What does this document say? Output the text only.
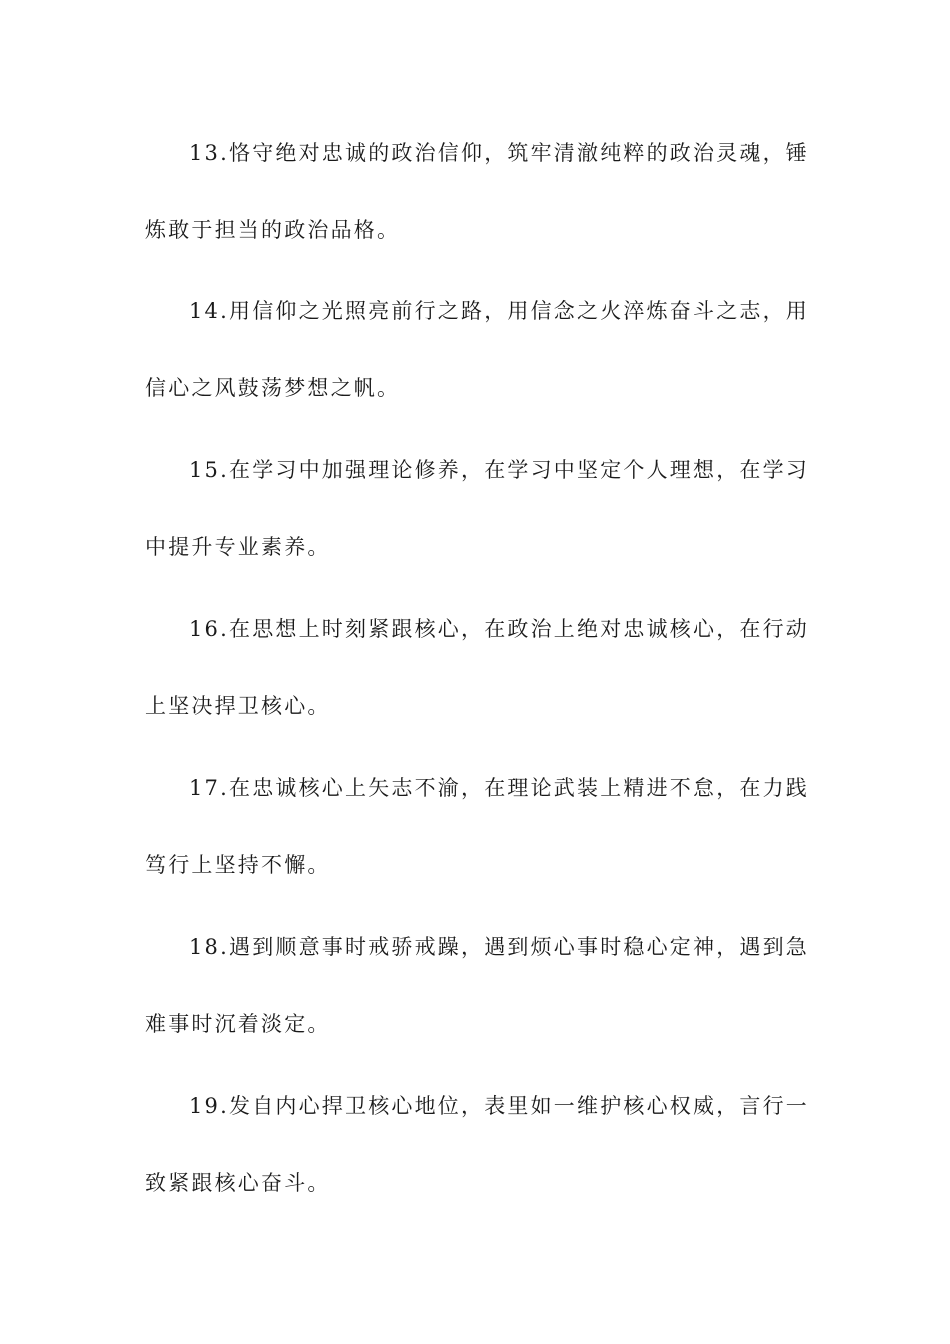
13.恪守绝对忠诚的政治信仰，筑牢清澈纯粹的政治灵魂，锤炼敢于担当的政治品格。

14.用信仰之光照亮前行之路，用信念之火淬炼奋斗之志，用信心之风鼓荡梦想之帆。

15.在学习中加强理论修养，在学习中坚定个人理想，在学习中提升专业素养。

16.在思想上时刻紧跟核心，在政治上绝对忠诚核心，在行动上坚决捍卫核心。

17.在忠诚核心上矢志不渝，在理论武装上精进不怠，在力践笃行上坚持不懈。

18.遇到顺意事时戒骄戒躁，遇到烦心事时稳心定神，遇到急难事时沉着淡定。

19.发自内心捍卫核心地位，表里如一维护核心权威，言行一致紧跟核心奋斗。
